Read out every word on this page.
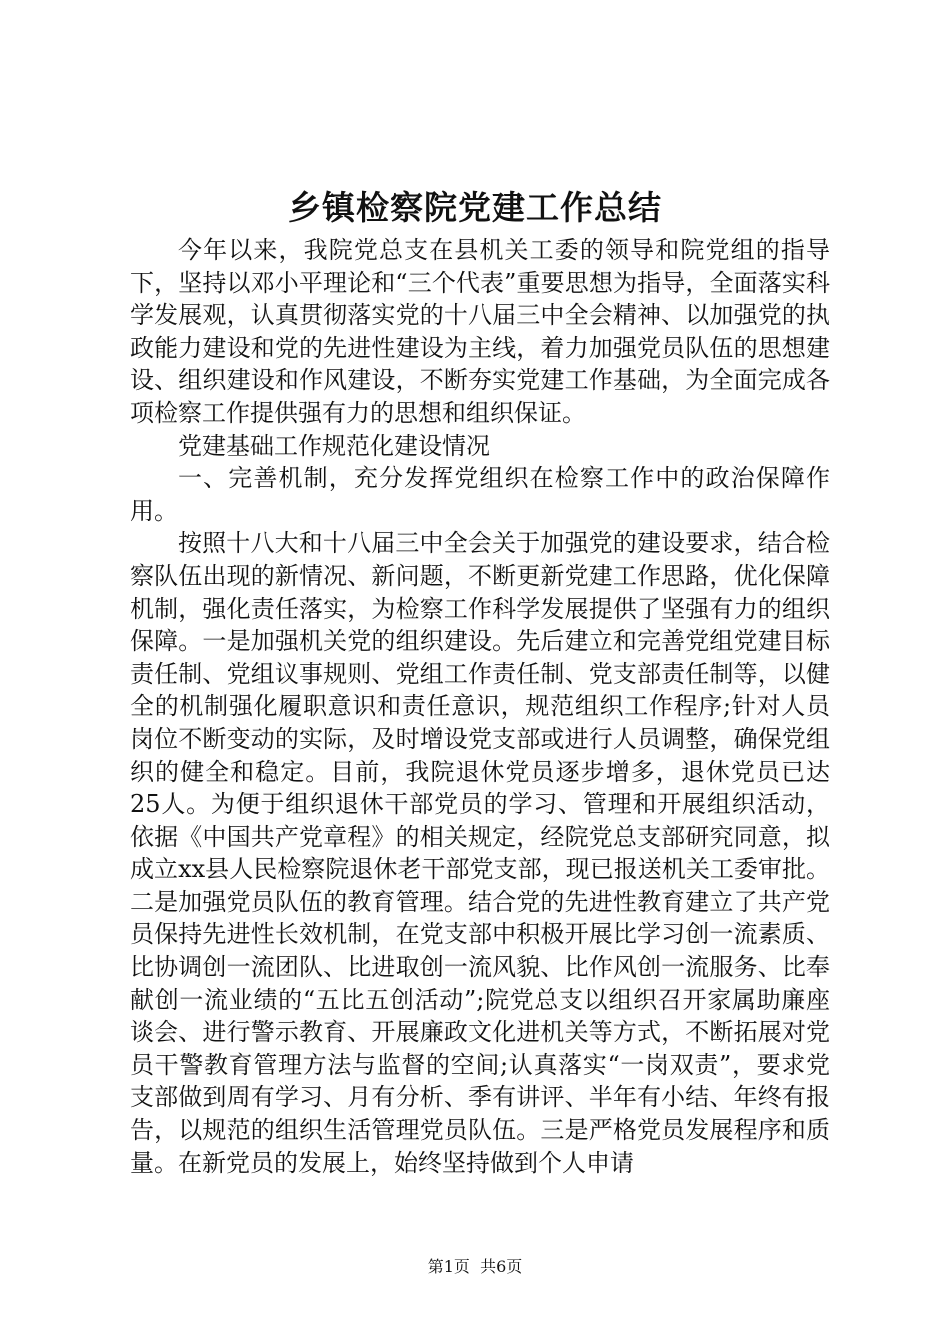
乡镇检察院党建工作总结

今年以来，我院党总支在县机关工委的领导和院党组的指导下，坚持以邓小平理论和“三个代表”重要思想为指导，全面落实科学发展观，认真贯彻落实党的十八届三中全会精神、以加强党的执政能力建设和党的先进性建设为主线，着力加强党员队伍的思想建设、组织建设和作风建设，不断夯实党建工作基础，为全面完成各项检察工作提供强有力的思想和组织保证。

党建基础工作规范化建设情况

一、完善机制，充分发挥党组织在检察工作中的政治保障作用。

按照十八大和十八届三中全会关于加强党的建设要求，结合检察队伍出现的新情况、新问题，不断更新党建工作思路，优化保障机制，强化责任落实，为检察工作科学发展提供了坚强有力的组织保障。一是加强机关党的组织建设。先后建立和完善党组党建目标责任制、党组议事规则、党组工作责任制、党支部责任制等，以健全的机制强化履职意识和责任意识，规范组织工作程序;针对人员岗位不断变动的实际，及时增设党支部或进行人员调整，确保党组织的健全和稳定。目前，我院退休党员逐步增多，退休党员已达25人。为便于组织退休干部党员的学习、管理和开展组织活动，依据《中国共产党章程》的相关规定，经院党总支部研究同意，拟成立xx县人民检察院退休老干部党支部，现已报送机关工委审批。二是加强党员队伍的教育管理。结合党的先进性教育建立了共产党员保持先进性长效机制，在党支部中积极开展比学习创一流素质、比协调创一流团队、比进取创一流风貌、比作风创一流服务、比奉献创一流业绩的“五比五创活动”;院党总支以组织召开家属助廉座谈会、进行警示教育、开展廉政文化进机关等方式，不断拓展对党员干警教育管理方法与监督的空间;认真落实“一岗双责”，要求党支部做到周有学习、月有分析、季有讲评、半年有小结、年终有报告，以规范的组织生活管理党员队伍。三是严格党员发展程序和质量。在新党员的发展上，始终坚持做到个人申请

第1页 共6页
